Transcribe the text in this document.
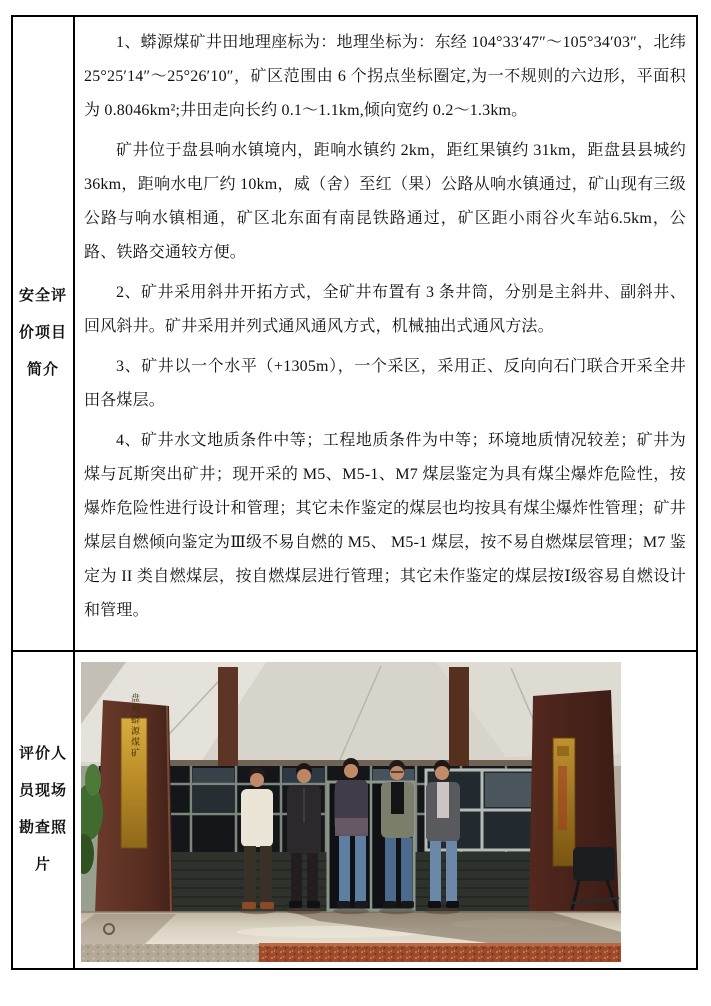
安全评
价项目
简介

1、蟒源煤矿井田地理座标为：地理坐标为：东经 104°33′47″～105°34′03″，北纬 25°25′14″～25°26′10″，矿区范围由 6 个拐点坐标圈定,为一不规则的六边形，平面积为 0.8046km²;井田走向长约 0.1～1.1km,倾向宽约 0.2～1.3km。

矿井位于盘县响水镇境内，距响水镇约 2km，距红果镇约 31km，距盘县县城约36km，距响水电厂约 10km，威（舍）至红（果）公路从响水镇通过，矿山现有三级公路与响水镇相通，矿区北东面有南昆铁路通过，矿区距小雨谷火车站6.5km，公路、铁路交通较方便。

2、矿井采用斜井开拓方式，全矿井布置有 3 条井筒，分别是主斜井、副斜井、回风斜井。矿井采用并列式通风通风方式，机械抽出式通风方法。

3、矿井以一个水平（+1305m），一个采区，采用正、反向向石门联合开采全井田各煤层。

4、矿井水文地质条件中等；工程地质条件为中等；环境地质情况较差；矿井为煤与瓦斯突出矿井；现开采的 M5、M5-1、M7 煤层鉴定为具有煤尘爆炸危险性，按爆炸危险性进行设计和管理；其它未作鉴定的煤层也均按具有煤尘爆炸性管理；矿井煤层自燃倾向鉴定为Ⅲ级不易自燃的 M5、 M5-1 煤层，按不易自燃煤层管理；M7 鉴定为 II 类自燃煤层，按自燃煤层进行管理；其它未作鉴定的煤层按Ⅰ级容易自燃设计和管理。

评价人
员现场
勘查照
片
盘州蟒源煤矿
